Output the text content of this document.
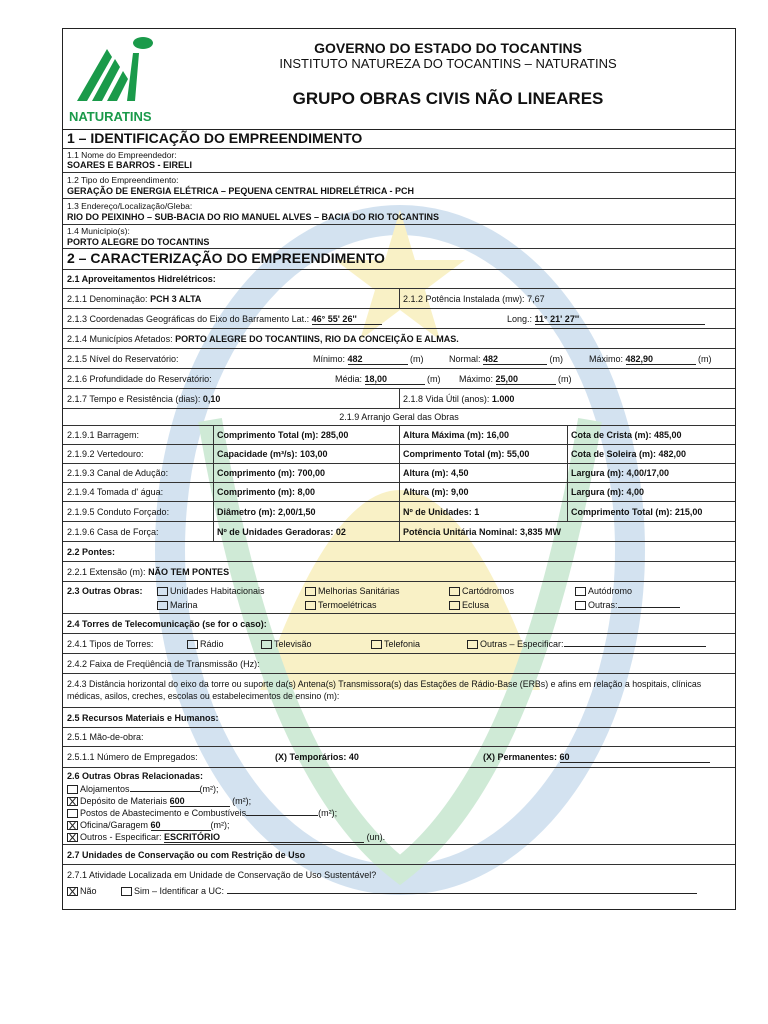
NATURATINS
GOVERNO DO ESTADO DO TOCANTINS
INSTITUTO NATUREZA DO TOCANTINS – NATURATINS
GRUPO OBRAS CIVIS NÃO LINEARES
1 – IDENTIFICAÇÃO DO EMPREENDIMENTO
1.1 Nome do Empreendedor:
SOARES E BARROS - EIRELI
1.2 Tipo do Empreendimento:
GERAÇÃO DE ENERGIA ELÉTRICA – PEQUENA CENTRAL HIDRELÉTRICA - PCH
1.3 Endereço/Localização/Gleba:
RIO DO PEIXINHO – SUB-BACIA DO RIO MANUEL ALVES – BACIA DO RIO TOCANTINS
1.4 Município(s):
PORTO ALEGRE DO TOCANTINS
2 – CARACTERIZAÇÃO DO EMPREENDIMENTO
2.1 Aproveitamentos Hidrelétricos:
2.1.1 Denominação: PCH 3 ALTA	2.1.2 Potência Instalada (mw): 7,67
2.1.3 Coordenadas Geográficas do Eixo do Barramento Lat.: 46° 55' 26''	Long.: 11° 21' 27''
2.1.4 Municípios Afetados: PORTO ALEGRE DO TOCANTIINS, RIO DA CONCEIÇÃO E ALMAS.
2.1.5 Nível do Reservatório:	Mínimo: 482	(m)	Normal: 482	(m)	Máximo: 482,90	(m)
2.1.6 Profundidade do Reservatório:	Média: 18,00	(m) Máximo: 25,00	(m)
2.1.7 Tempo e Resistência (dias): 0,10	2.1.8 Vida Útil (anos): 1.000
2.1.9 Arranjo Geral das Obras
2.1.9.1 Barragem:	Comprimento Total (m): 285,00	Altura Máxima (m): 16,00	Cota de Crista (m): 485,00
2.1.9.2 Vertedouro:	Capacidade (m³/s): 103,00	Comprimento Total (m): 55,00	Cota de Soleira (m): 482,00
2.1.9.3 Canal de Adução:	Comprimento (m): 700,00	Altura (m): 4,50	Largura (m): 4,00/17,00
2.1.9.4 Tomada d' água:	Comprimento (m): 8,00	Altura (m): 9,00	Largura (m): 4,00
2.1.9.5 Conduto Forçado:	Diâmetro (m): 2,00/1,50	Nº de Unidades: 1	Comprimento Total (m): 215,00
2.1.9.6 Casa de Força:	Nº de Unidades Geradoras: 02	Potência Unitária Nominal: 3,835 MW
2.2 Pontes:
2.2.1 Extensão (m): NÃO TEM PONTES
2.3 Outras Obras:	Unidades Habitacionais	Melhorias Sanitárias	Cartódromos	Autódromo
Marina	Termoelétricas	Eclusa	Outras:
2.4 Torres de Telecomunicação (se for o caso):
2.4.1 Tipos de Torres:	Rádio	Televisão	Telefonia	Outras – Especificar:
2.4.2 Faixa de Freqüência de Transmissão (Hz):
2.4.3 Distância horizontal do eixo da torre ou suporte da(s) Antena(s) Transmissora(s) das Estações de Rádio-Base (ERBs) e afins em relação a hospitais, clínicas médicas, asilos, creches, escolas ou estabelecimentos de ensino (m):
2.5 Recursos Materiais e Humanos:
2.5.1 Mão-de-obra:
2.5.1.1 Número de Empregados:	(X) Temporários: 40	(X) Permanentes: 60
2.6 Outras Obras Relacionadas:
Alojamentos	(m²);
Depósito de Materiais 600	(m²);
Postos de Abastecimento e Combustíveis	(m²);
Oficina/Garagem 60	(m²);
Outros - Especificar: ESCRITÓRIO	(un).
2.7 Unidades de Conservação ou com Restrição de Uso
2.7.1 Atividade Localizada em Unidade de Conservação de Uso Sustentável?
Não	Sim – Identificar a UC:
